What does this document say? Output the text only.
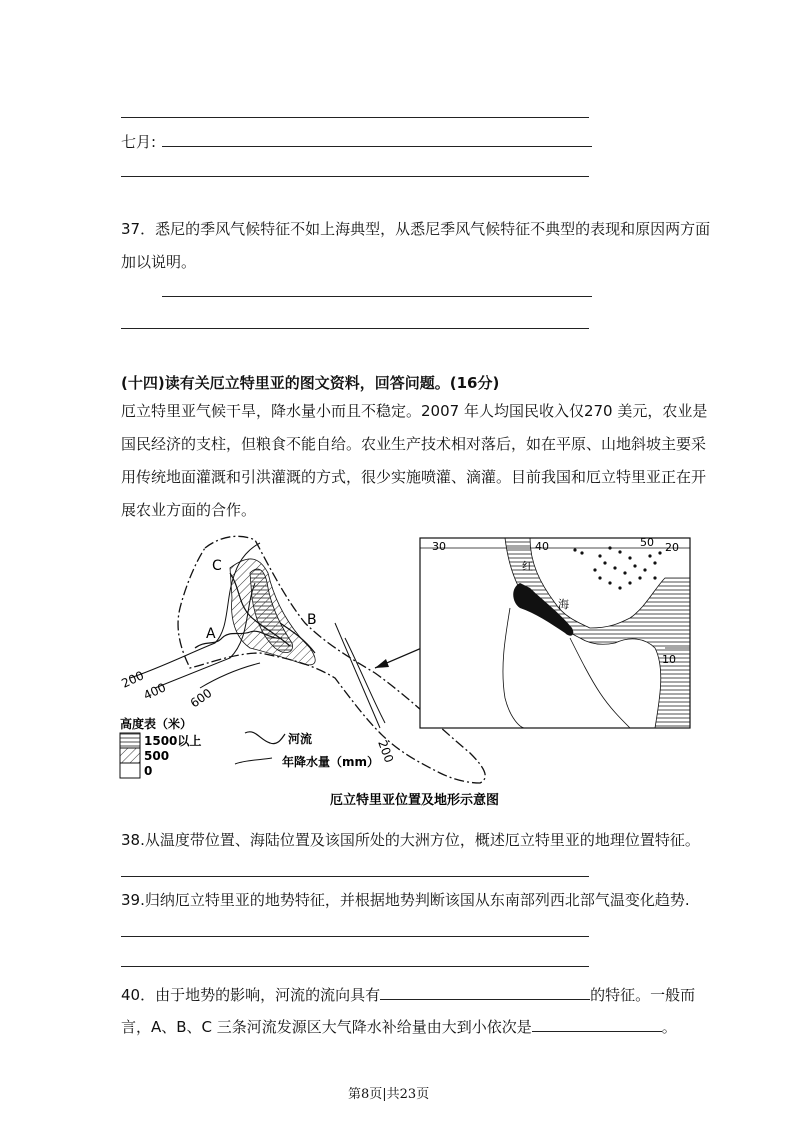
七月:
37．悉尼的季风气候特征不如上海典型，从悉尼季风气候特征不典型的表现和原因两方面
加以说明。
(十四)读有关厄立特里亚的图文资料，回答问题。(16分)
厄立特里亚气候干旱，降水量小而且不稳定。2007 年人均国民收入仅270 美元，农业是
国民经济的支柱，但粮食不能自给。农业生产技术相对落后，如在平原、山地斜坡主要采
用传统地面灌溉和引洪灌溉的方式，很少实施喷灌、滴灌。目前我国和厄立特里亚正在开
展农业方面的合作。
A
B
C
200
400 600
200
高度表（米）
1500以上
500
0
河流
年降水量（mm）
30	40	50 20
10
红
海
厄立特里亚位置及地形示意图
38.从温度带位置、海陆位置及该国所处的大洲方位，概述厄立特里亚的地理位置特征。
39.归纳厄立特里亚的地势特征，并根据地势判断该国从东南部列西北部气温变化趋势.
40．由于地势的影响，河流的流向具有	的特征。一般而
言，A、B、C 三条河流发源区大气降水补给量由大到小依次是	。
第8页|共23页
